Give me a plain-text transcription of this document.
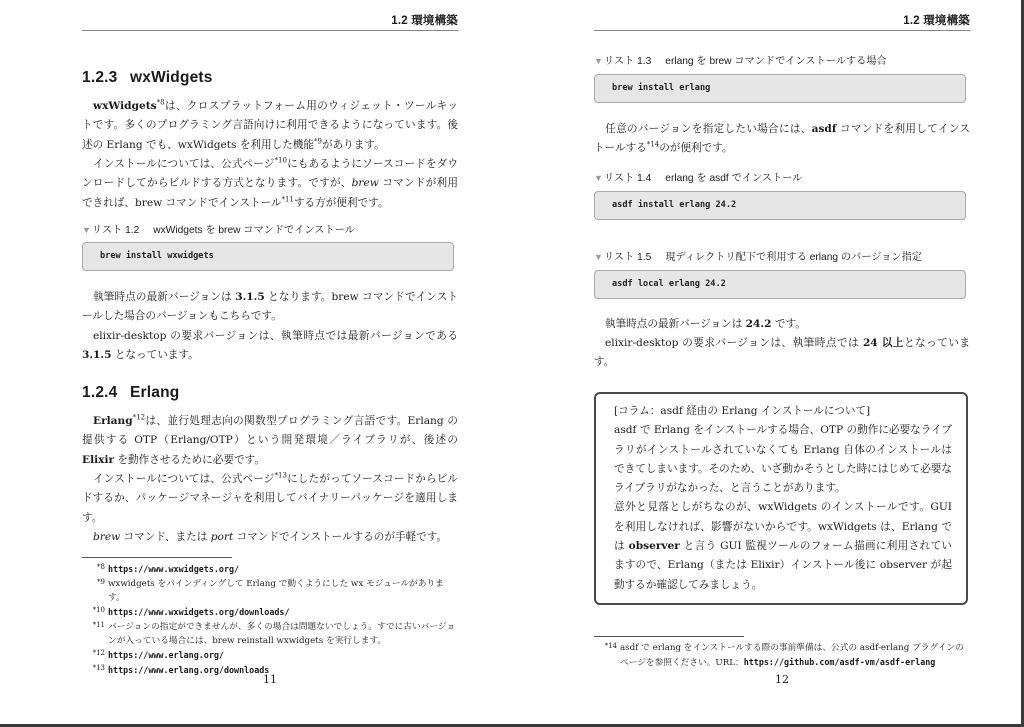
1.2 環境構築
1.2.3 wxWidgets
wxWidgets$^{*8}$は、クロスプラットフォーム用のウィジェット・ツールキットです。多くのプログラミング言語向けに利用できるようになっています。後述の Erlang でも、wxWidgets を利用した機能$^{*9}$があります。
インストールについては、公式ページ$^{*10}$にもあるようにソースコードをダウンロードしてからビルドする方式となります。ですが、brew コマンドが利用できれば、brew コマンドでインストール$^{*11}$する方が便利です。
▼リスト 1.2 wxWidgets を brew コマンドでインストール
brew install wxwidgets
執筆時点の最新バージョンは 3.1.5 となります。brew コマンドでインストールした場合のバージョンもこちらです。
elixir-desktop の要求バージョンは、執筆時点では最新バージョンである 3.1.5 となっています。
1.2.4 Erlang
Erlang$^{*12}$は、並行処理志向の関数型プログラミング言語です。Erlang の提供する OTP（Erlang/OTP）という開発環境／ライブラリが、後述の Elixir を動作させるために必要です。
インストールについては、公式ページ$^{*13}$にしたがってソースコードからビルドするか、パッケージマネージャを利用してバイナリーパッケージを適用します。
brew コマンド、または port コマンドでインストールするのが手軽です。
*8 https://www.wxwidgets.org/
*9 wxwidgets をバインディングして Erlang で動くようにした wx モジュールがあります。
*10 https://www.wxwidgets.org/downloads/
*11 バージョンの指定ができませんが、多くの場合は問題ないでしょう。すでに古いバージョンが入っている場合には、brew reinstall wxwidgets を実行します。
*12 https://www.erlang.org/
*13 https://www.erlang.org/downloads
11
1.2 環境構築
▼リスト 1.3 erlang を brew コマンドでインストールする場合
brew install erlang
任意のバージョンを指定したい場合には、asdf コマンドを利用してインストールする$^{*14}$のが便利です。
▼リスト 1.4 erlang を asdf でインストール
asdf install erlang 24.2
▼リスト 1.5 現ディレクトリ配下で利用する erlang のバージョン指定
asdf local erlang 24.2
執筆時点の最新バージョンは 24.2 です。
elixir-desktop の要求バージョンは、執筆時点では 24 以上となっています。
[コラム：asdf 経由の Erlang インストールについて]
asdf で Erlang をインストールする場合、OTP の動作に必要なライブラリがインストールされていなくても Erlang 自体のインストールはできてしまいます。そのため、いざ動かそうとした時にはじめて必要なライブラリがなかった、と言うことがあります。
意外と見落としがちなのが、wxWidgets のインストールです。GUI を利用しなければ、影響がないからです。wxWidgets は、Erlang では observer と言う GUI 監視ツールのフォーム描画に利用されていますので、Erlang（または Elixir）インストール後に observer が起動するか確認してみましょう。
*14 asdf で erlang をインストールする際の事前準備は、公式の asdf-erlang プラグインのページを参照ください。URL：https://github.com/asdf-vm/asdf-erlang
12
